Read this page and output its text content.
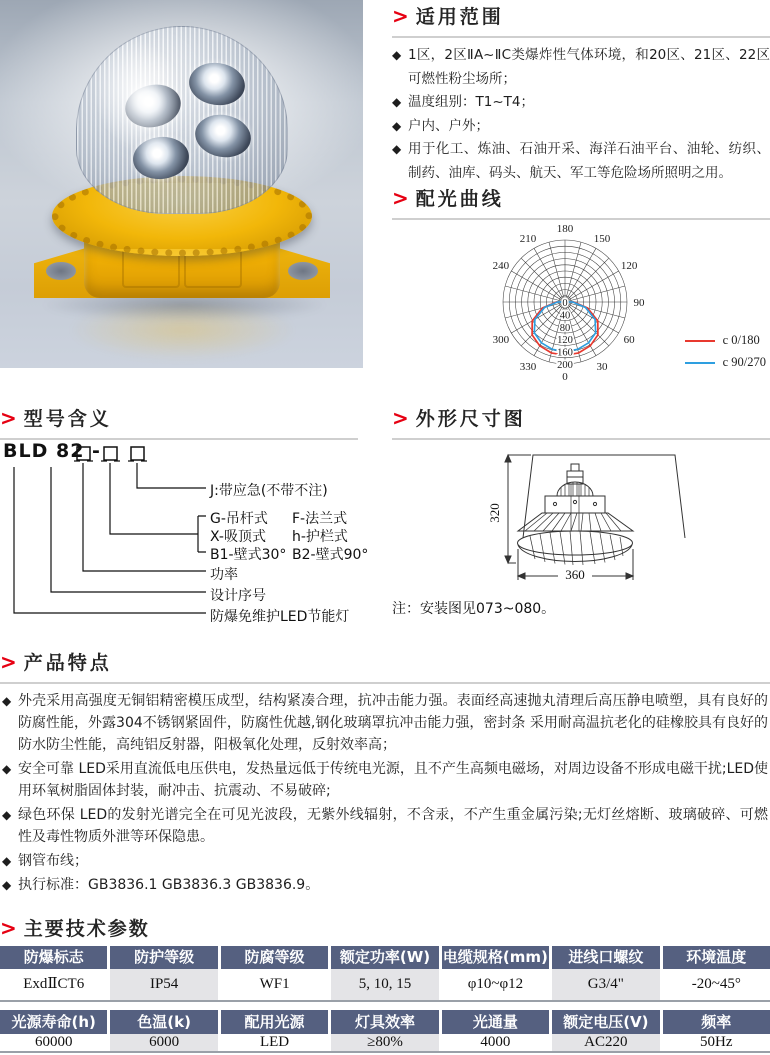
> 适用范围
◆ 1区，2区ⅡA~ⅡC类爆炸性气体环境，和20区、21区、22区可燃性粉尘场所；
◆ 温度组别：T1~T4；
◆ 户内、户外；
◆ 用于化工、炼油、石油开采、海洋石油平台、油轮、纺织、制药、油库、码头、航天、军工等危险场所照明之用。
> 配光曲线
0
30
60
90
120
150
180
210
240
300
330
0
40
80
120
160
200
c 0/180
c 90/270
> 型号含义
BLD 82 -
J:带应急(不带不注)
G-吊杆式 F-法兰式
X-吸顶式 h-护栏式
B1-壁式30° B2-壁式90°
功率
设计序号
防爆免维护LED节能灯
> 外形尺寸图
320
360
注：安装图见073~080。
> 产品特点
◆ 外壳采用高强度无铜铝精密模压成型，结构紧凑合理，抗冲击能力强。表面经高速抛丸清理后高压静电喷塑，具有良好的防腐性能，外露304不锈钢紧固件，防腐性优越,钢化玻璃罩抗冲击能力强，密封条 采用耐高温抗老化的硅橡胶具有良好的防水防尘性能，高纯铝反射器，阳极氧化处理，反射效率高；
◆ 安全可靠 LED采用直流低电压供电，发热量远低于传统电光源，且不产生高频电磁场，对周边设备不形成电磁干扰;LED使用环氧树脂固体封装，耐冲击、抗震动、不易破碎;
◆ 绿色环保 LED的发射光谱完全在可见光波段，无紫外线辐射，不含汞，不产生重金属污染;无灯丝熔断、玻璃破碎、可燃性及毒性物质外泄等环保隐患。
◆ 钢管布线；
◆ 执行标准：GB3836.1 GB3836.3 GB3836.9。
> 主要技术参数
防爆标志	防护等级	防腐等级	额定功率(W) 电缆规格(mm)	进线口螺纹	环境温度
ExdⅡCT6	IP54	WF1	5, 10, 15	φ10~φ12	G3/4"	-20~45°
光源寿命(h)	色温(k)	配用光源	灯具效率	光通量	额定电压(V)	频率
60000	6000	LED	≥80%	4000	AC220	50Hz
